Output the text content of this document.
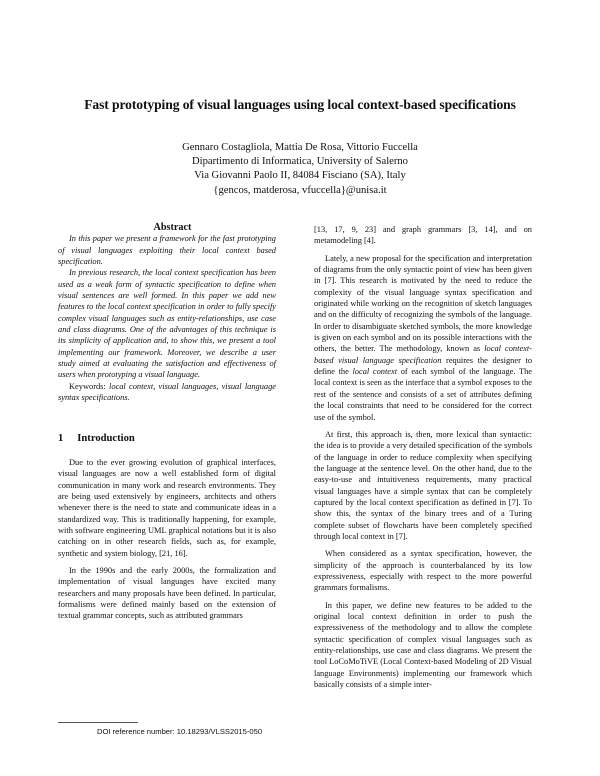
Fast prototyping of visual languages using local context-based specifications
Gennaro Costagliola, Mattia De Rosa, Vittorio Fuccella
Dipartimento di Informatica, University of Salerno
Via Giovanni Paolo II, 84084 Fisciano (SA), Italy
{gencos, matderosa, vfuccella}@unisa.it

Abstract

In this paper we present a framework for the fast prototyping of visual languages exploiting their local context based specification.

In previous research, the local context specification has been used as a weak form of syntactic specification to define when visual sentences are well formed. In this paper we add new features to the local context specification in order to fully specify complex visual languages such as entity-relationships, use case and class diagrams. One of the advantages of this technique is its simplicity of application and, to show this, we present a tool implementing our framework. Moreover, we describe a user study aimed at evaluating the satisfaction and effectiveness of users when prototyping a visual language.

Keywords: local context, visual languages, visual language syntax specifications.

1 Introduction

Due to the ever growing evolution of graphical interfaces, visual languages are now a well established form of digital communication in many work and research environments. They are being used extensively by engineers, architects and others whenever there is the need to state and communicate ideas in a standardized way. This is traditionally happening, for example, with software engineering UML graphical notations but it is also catching on in other research fields, such as, for example, synthetic and system biology, [21, 16].

In the 1990s and the early 2000s, the formalization and implementation of visual languages have excited many researchers and many proposals have been defined. In particular, formalisms were defined mainly based on the extension of textual grammar concepts, such as attributed grammars

[13, 17, 9, 23] and graph grammars [3, 14], and on metamodeling [4].

Lately, a new proposal for the specification and interpretation of diagrams from the only syntactic point of view has been given in [7]. This research is motivated by the need to reduce the complexity of the visual language syntax specification and originated while working on the recognition of sketch languages and on the difficulty of recognizing the symbols of the language. In order to disambiguate sketched symbols, the more knowledge is given on each symbol and on its possible interactions with the others, the better. The methodology, known as local context-based visual language specification requires the designer to define the local context of each symbol of the language. The local context is seen as the interface that a symbol exposes to the rest of the sentence and consists of a set of attributes defining the local constraints that need to be considered for the correct use of the symbol.

At first, this approach is, then, more lexical than syntactic: the idea is to provide a very detailed specification of the symbols of the language in order to reduce complexity when specifying the language at the sentence level. On the other hand, due to the easy-to-use and intuitiveness requirements, many practical visual languages have a simple syntax that can be completely captured by the local context specification as defined in [7]. To show this, the syntax of the binary trees and of a Turing complete subset of flowcharts have been completely specified through local context in [7].

When considered as a syntax specification, however, the simplicity of the approach is counterbalanced by its low expressiveness, especially with respect to the more powerful grammars formalisms.

In this paper, we define new features to be added to the original local context definition in order to push the expressiveness of the methodology and to allow the complete syntactic specification of complex visual languages such as entity-relationships, use case and class diagrams. We present the tool LoCoMoTiVE (Local Context-based Modeling of 2D Visual language Environments) implementing our framework which basically consists of a simple inter-

DOI reference number: 10.18293/VLSS2015-050
